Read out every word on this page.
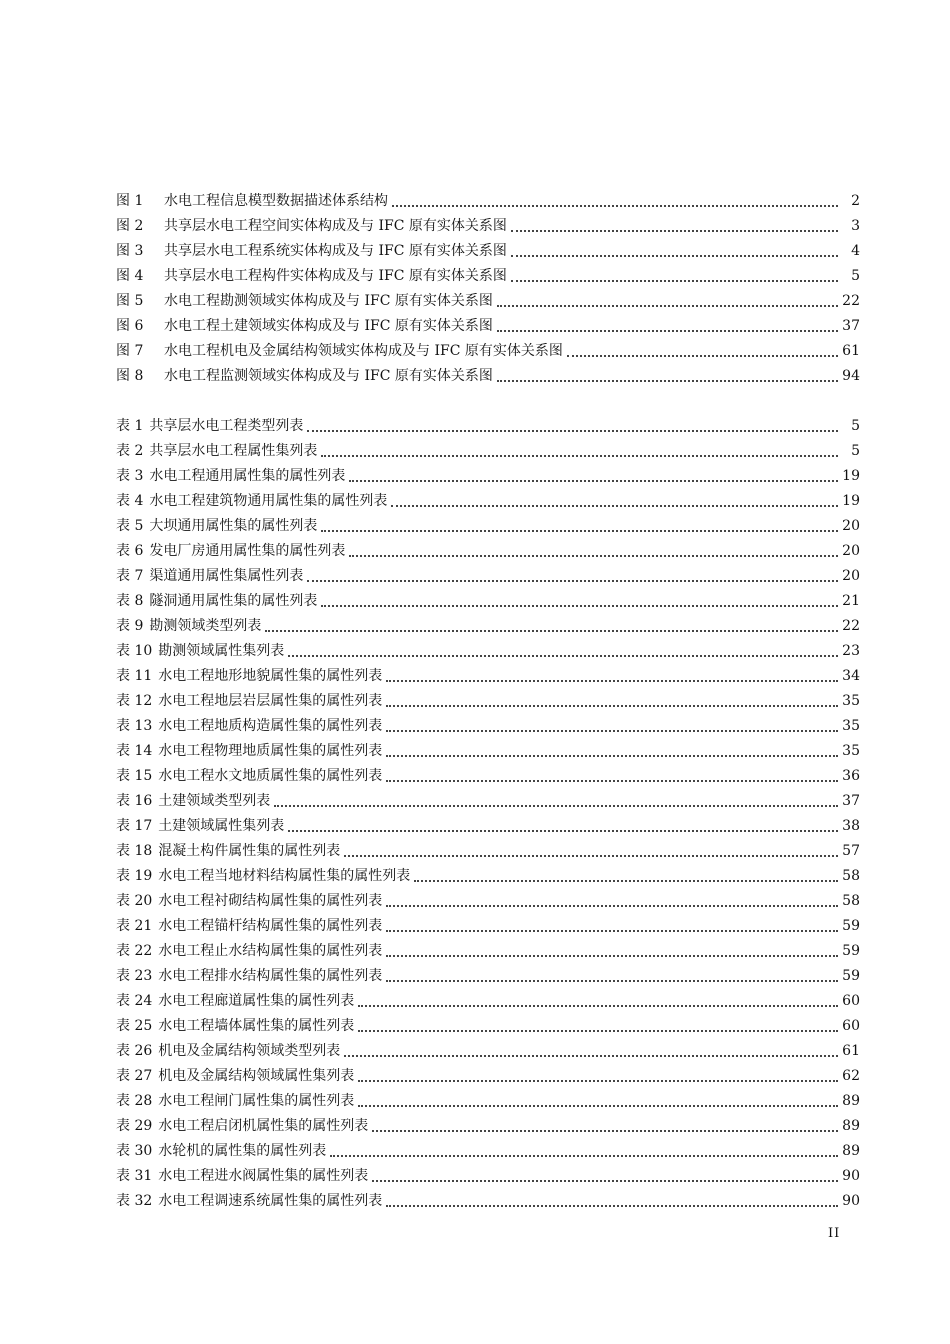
图 1	水电工程信息模型数据描述体系结构	2
图 2	共享层水电工程空间实体构成及与 IFC 原有实体关系图	3
图 3	共享层水电工程系统实体构成及与 IFC 原有实体关系图	4
图 4	共享层水电工程构件实体构成及与 IFC 原有实体关系图	5
图 5	水电工程勘测领域实体构成及与 IFC 原有实体关系图	22
图 6	水电工程土建领域实体构成及与 IFC 原有实体关系图	37
图 7	水电工程机电及金属结构领域实体构成及与 IFC 原有实体关系图	61
图 8	水电工程监测领域实体构成及与 IFC 原有实体关系图	94
表 1 共享层水电工程类型列表	5
表 2 共享层水电工程属性集列表	5
表 3 水电工程通用属性集的属性列表	19
表 4 水电工程建筑物通用属性集的属性列表	19
表 5 大坝通用属性集的属性列表	20
表 6 发电厂房通用属性集的属性列表	20
表 7 渠道通用属性集属性列表	20
表 8 隧洞通用属性集的属性列表	21
表 9 勘测领域类型列表	22
表 10 勘测领域属性集列表	23
表 11 水电工程地形地貌属性集的属性列表	34
表 12 水电工程地层岩层属性集的属性列表	35
表 13 水电工程地质构造属性集的属性列表	35
表 14 水电工程物理地质属性集的属性列表	35
表 15 水电工程水文地质属性集的属性列表	36
表 16 土建领域类型列表	37
表 17 土建领域属性集列表	38
表 18 混凝土构件属性集的属性列表	57
表 19 水电工程当地材料结构属性集的属性列表	58
表 20 水电工程衬砌结构属性集的属性列表	58
表 21 水电工程锚杆结构属性集的属性列表	59
表 22 水电工程止水结构属性集的属性列表	59
表 23 水电工程排水结构属性集的属性列表	59
表 24 水电工程廊道属性集的属性列表	60
表 25 水电工程墙体属性集的属性列表	60
表 26 机电及金属结构领域类型列表	61
表 27 机电及金属结构领域属性集列表	62
表 28 水电工程闸门属性集的属性列表	89
表 29 水电工程启闭机属性集的属性列表	89
表 30 水轮机的属性集的属性列表	89
表 31 水电工程进水阀属性集的属性列表	90
表 32 水电工程调速系统属性集的属性列表	90
II
